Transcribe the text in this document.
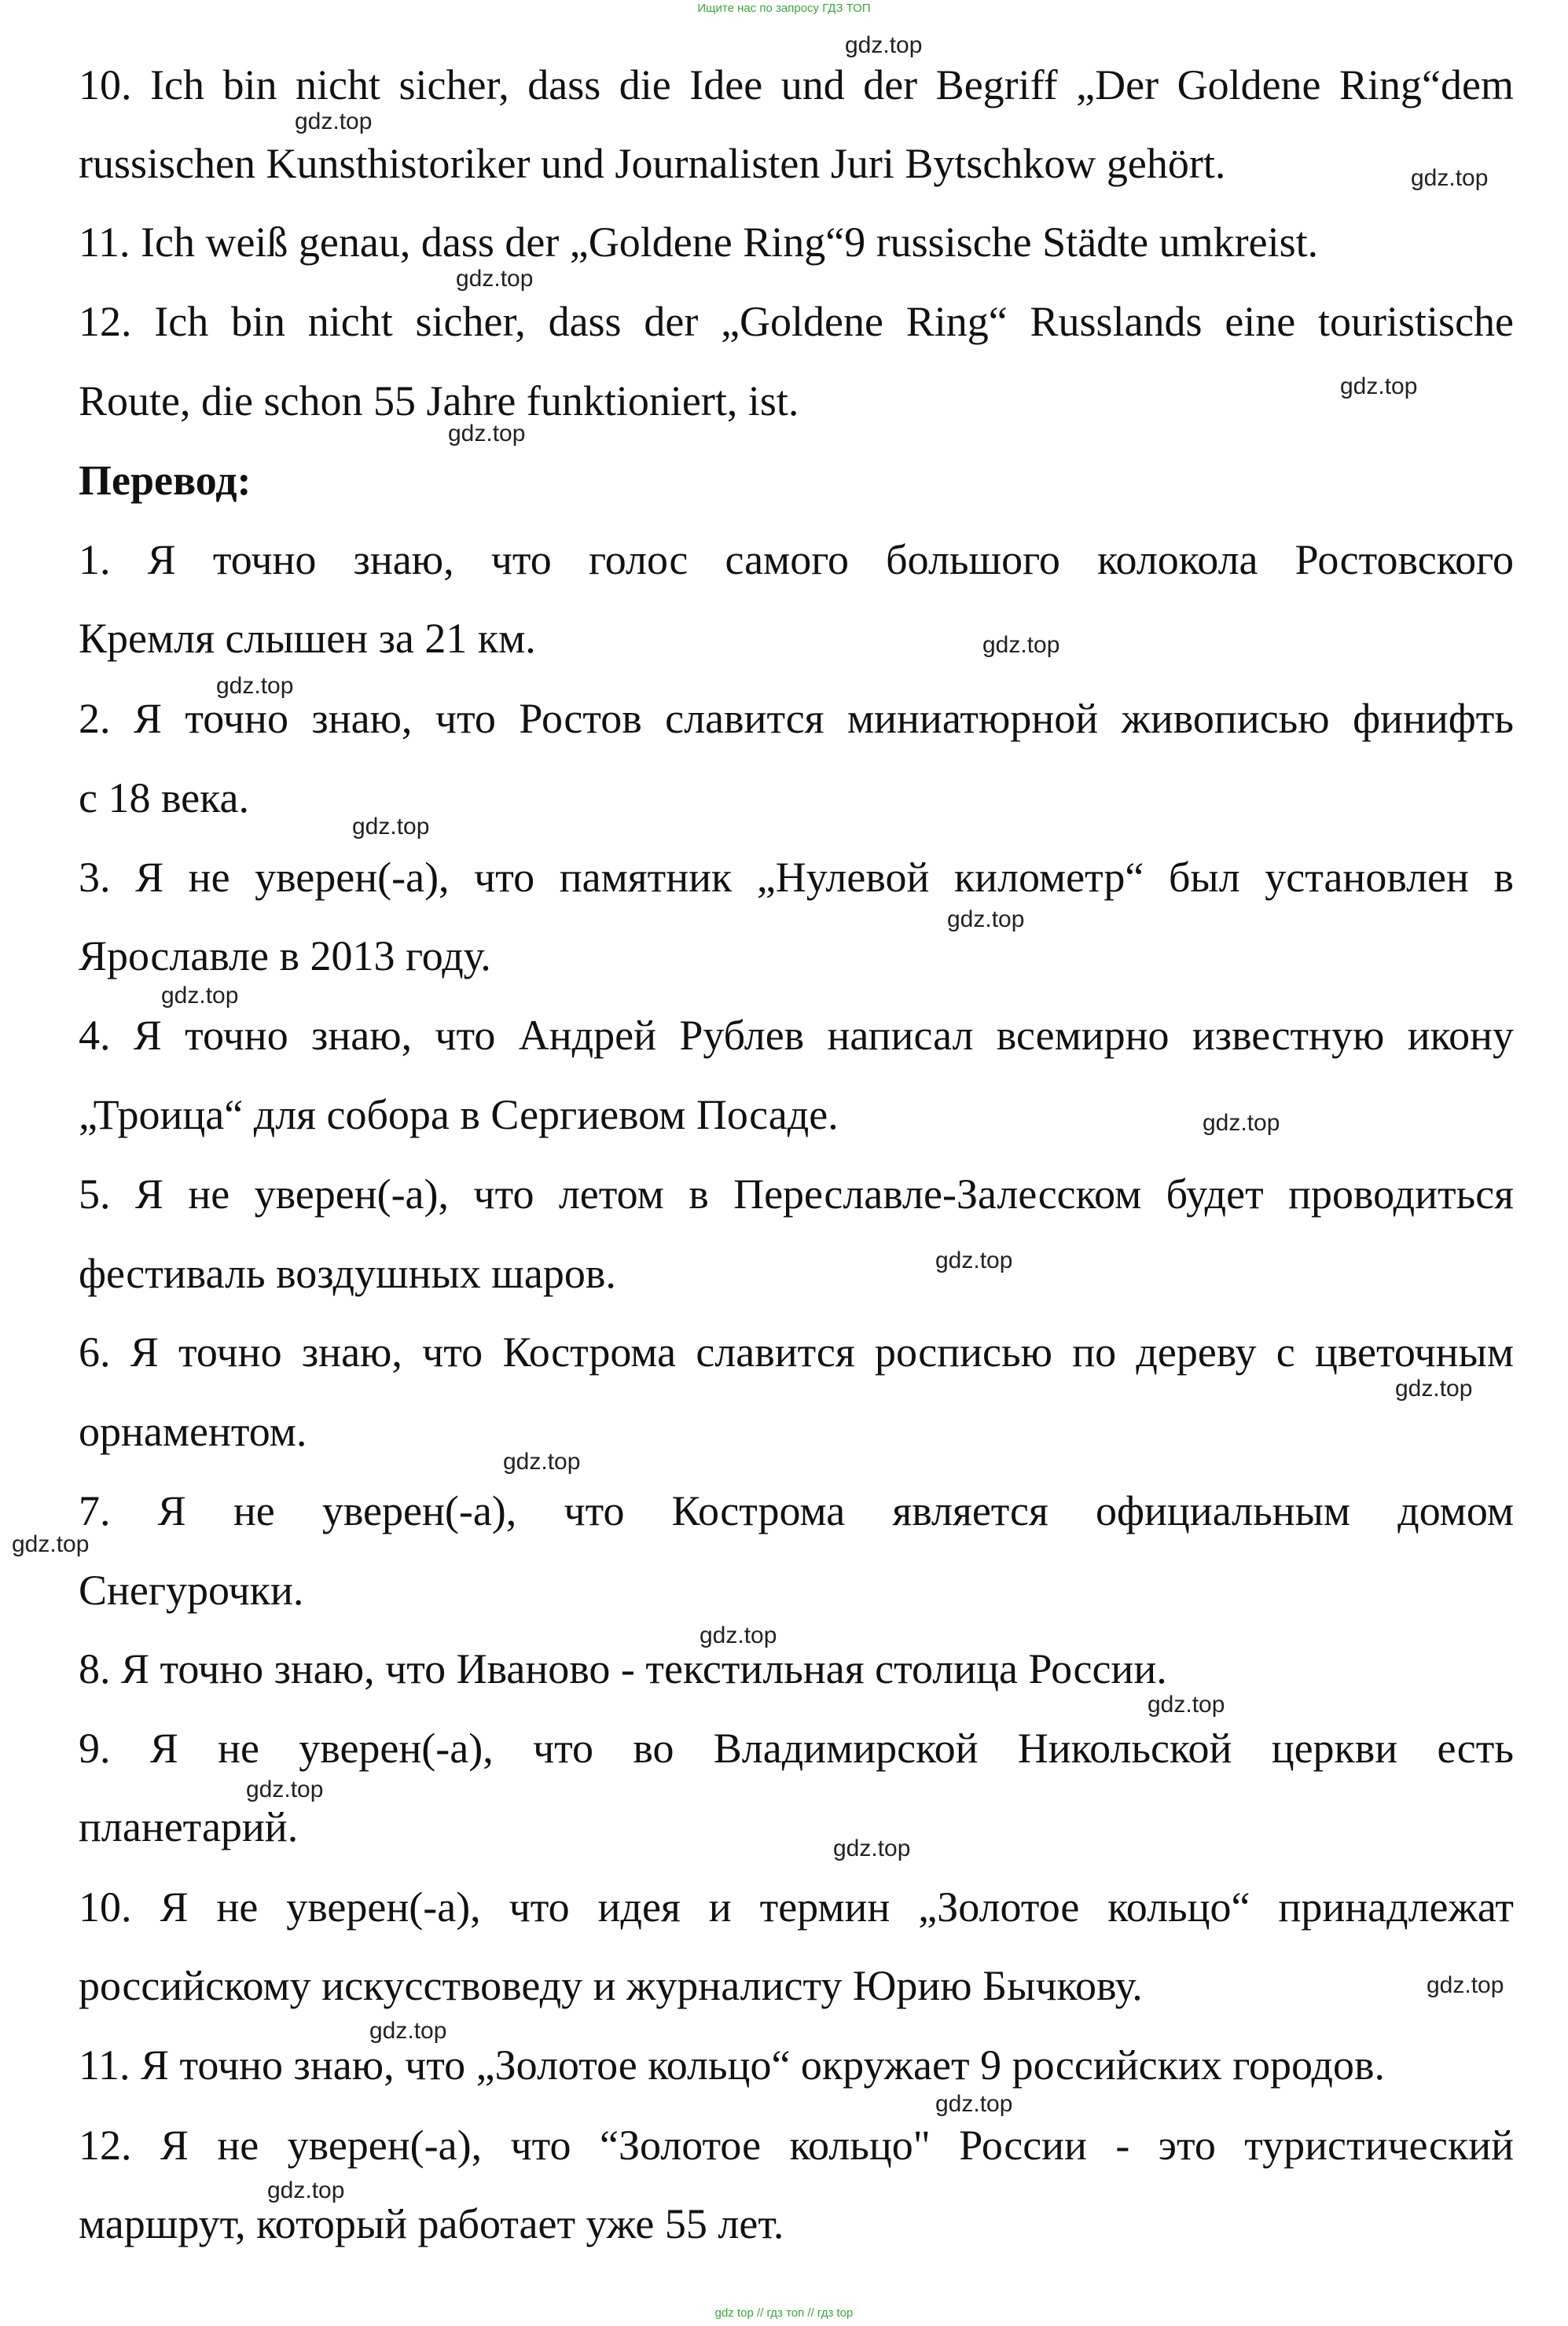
Ищите нас по запросу ГДЗ ТОП
10. Ich bin nicht sicher, dass die Idee und der Begriff „Der Goldene Ring“dem
russischen Kunsthistoriker und Journalisten Juri Bytschkow gehört.
11. Ich weiß genau, dass der „Goldene Ring“9 russische Städte umkreist.
12. Ich bin nicht sicher, dass der „Goldene Ring“ Russlands eine touristische
Route, die schon 55 Jahre funktioniert, ist.
Перевод:
1. Я точно знаю, что голос самого большого колокола Ростовского
Кремля слышен за 21 км.
2. Я точно знаю, что Ростов славится миниатюрной живописью финифть
с 18 века.
3. Я не уверен(-а), что памятник „Нулевой километр“ был установлен в
Ярославле в 2013 году.
4. Я точно знаю, что Андрей Рублев написал всемирно известную икону
„Троица“ для собора в Сергиевом Посаде.
5. Я не уверен(-а), что летом в Переславле-Залесском будет проводиться
фестиваль воздушных шаров.
6. Я точно знаю, что Кострома славится росписью по дереву с цветочным
орнаментом.
7. Я не уверен(-а), что Кострома является официальным домом
Снегурочки.
8. Я точно знаю, что Иваново - текстильная столица России.
9. Я не уверен(-а), что во Владимирской Никольской церкви есть
планетарий.
10. Я не уверен(-а), что идея и термин „Золотое кольцо“ принадлежат
российскому искусствоведу и журналисту Юрию Бычкову.
11. Я точно знаю, что „Золотое кольцо“ окружает 9 российских городов.
12. Я не уверен(-а), что “Золотое кольцо" России - это туристический
маршрут, который работает уже 55 лет.
gdz.top
gdz.top
gdz.top
gdz.top
gdz.top
gdz.top
gdz.top
gdz.top
gdz.top
gdz.top
gdz.top
gdz.top
gdz.top
gdz.top
gdz.top
gdz.top
gdz.top
gdz.top
gdz.top
gdz.top
gdz.top
gdz.top
gdz.top
gdz.top
gdz top // гдз топ // гдз top
